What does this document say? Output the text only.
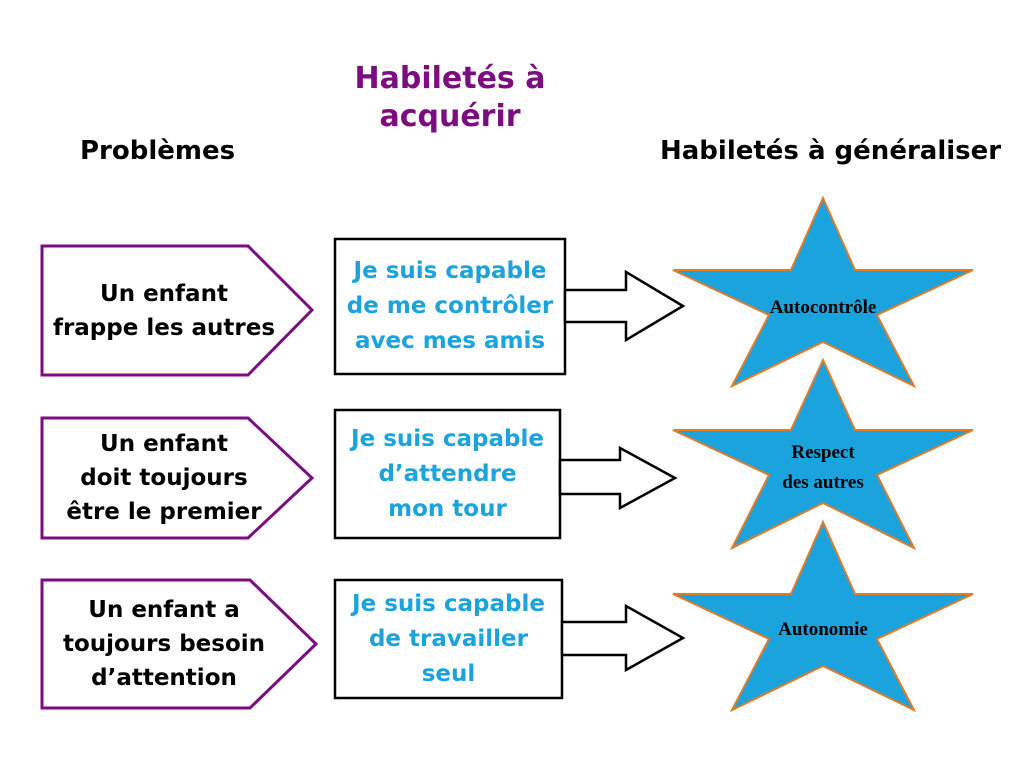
Problèmes
Habiletés à acquérir
Habiletés à généraliser
Un enfant
frappe les autres
Un enfant
doit toujours
être le premier
Un enfant a
toujours besoin
d’attention
Je suis capable
de me contrôler
avec mes amis
Je suis capable
d’attendre
mon tour
Je suis capable
de travailler
seul
Autocontrôle
Respect
des autres
Autonomie
